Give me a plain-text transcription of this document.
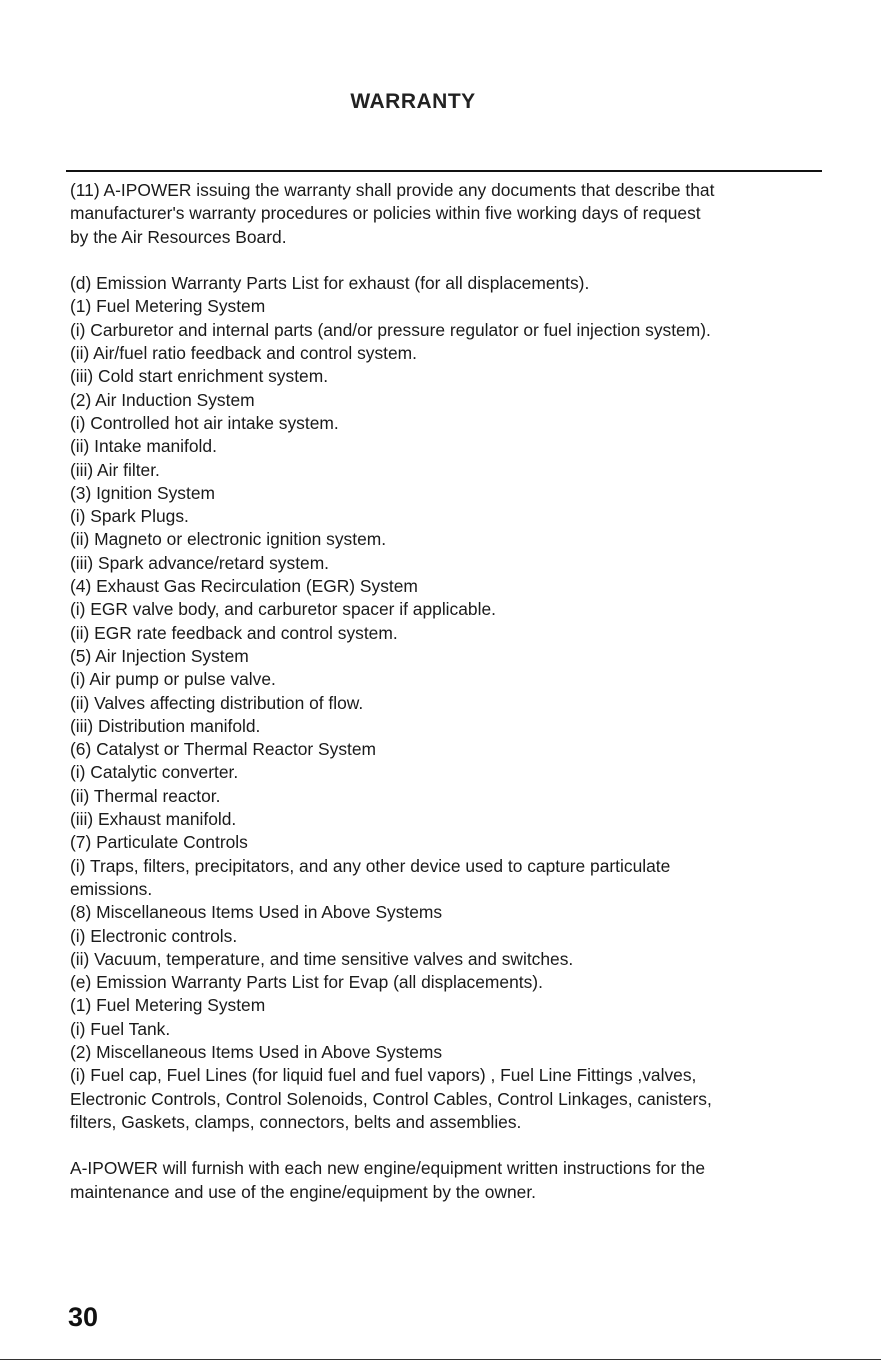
WARRANTY
(11) A-IPOWER issuing the warranty shall provide any documents that describe that
manufacturer's warranty procedures or policies within five working days of request
by the Air Resources Board.
(d) Emission Warranty Parts List for exhaust (for all displacements).
(1) Fuel Metering System
(i) Carburetor and internal parts (and/or pressure regulator or fuel injection system).
(ii) Air/fuel ratio feedback and control system.
(iii) Cold start enrichment system.
(2) Air Induction System
(i) Controlled hot air intake system.
(ii) Intake manifold.
(iii) Air filter.
(3) Ignition System
(i) Spark Plugs.
(ii) Magneto or electronic ignition system.
(iii) Spark advance/retard system.
(4) Exhaust Gas Recirculation (EGR) System
(i) EGR valve body, and carburetor spacer if applicable.
(ii) EGR rate feedback and control system.
(5) Air Injection System
(i) Air pump or pulse valve.
(ii) Valves affecting distribution of flow.
(iii) Distribution manifold.
(6) Catalyst or Thermal Reactor System
(i) Catalytic converter.
(ii) Thermal reactor.
(iii) Exhaust manifold.
(7) Particulate Controls
(i) Traps, filters, precipitators, and any other device used to capture particulate
emissions.
(8) Miscellaneous Items Used in Above Systems
(i) Electronic controls.
(ii) Vacuum, temperature, and time sensitive valves and switches.
(e) Emission Warranty Parts List for Evap (all displacements).
(1) Fuel Metering System
(i) Fuel Tank.
(2) Miscellaneous Items Used in Above Systems
(i) Fuel cap, Fuel Lines (for liquid fuel and fuel vapors) , Fuel Line Fittings ,valves,
Electronic Controls, Control Solenoids, Control Cables, Control Linkages, canisters,
filters, Gaskets, clamps, connectors, belts and assemblies.
A-IPOWER will furnish with each new engine/equipment written instructions for the
maintenance and use of the engine/equipment by the owner.
30
